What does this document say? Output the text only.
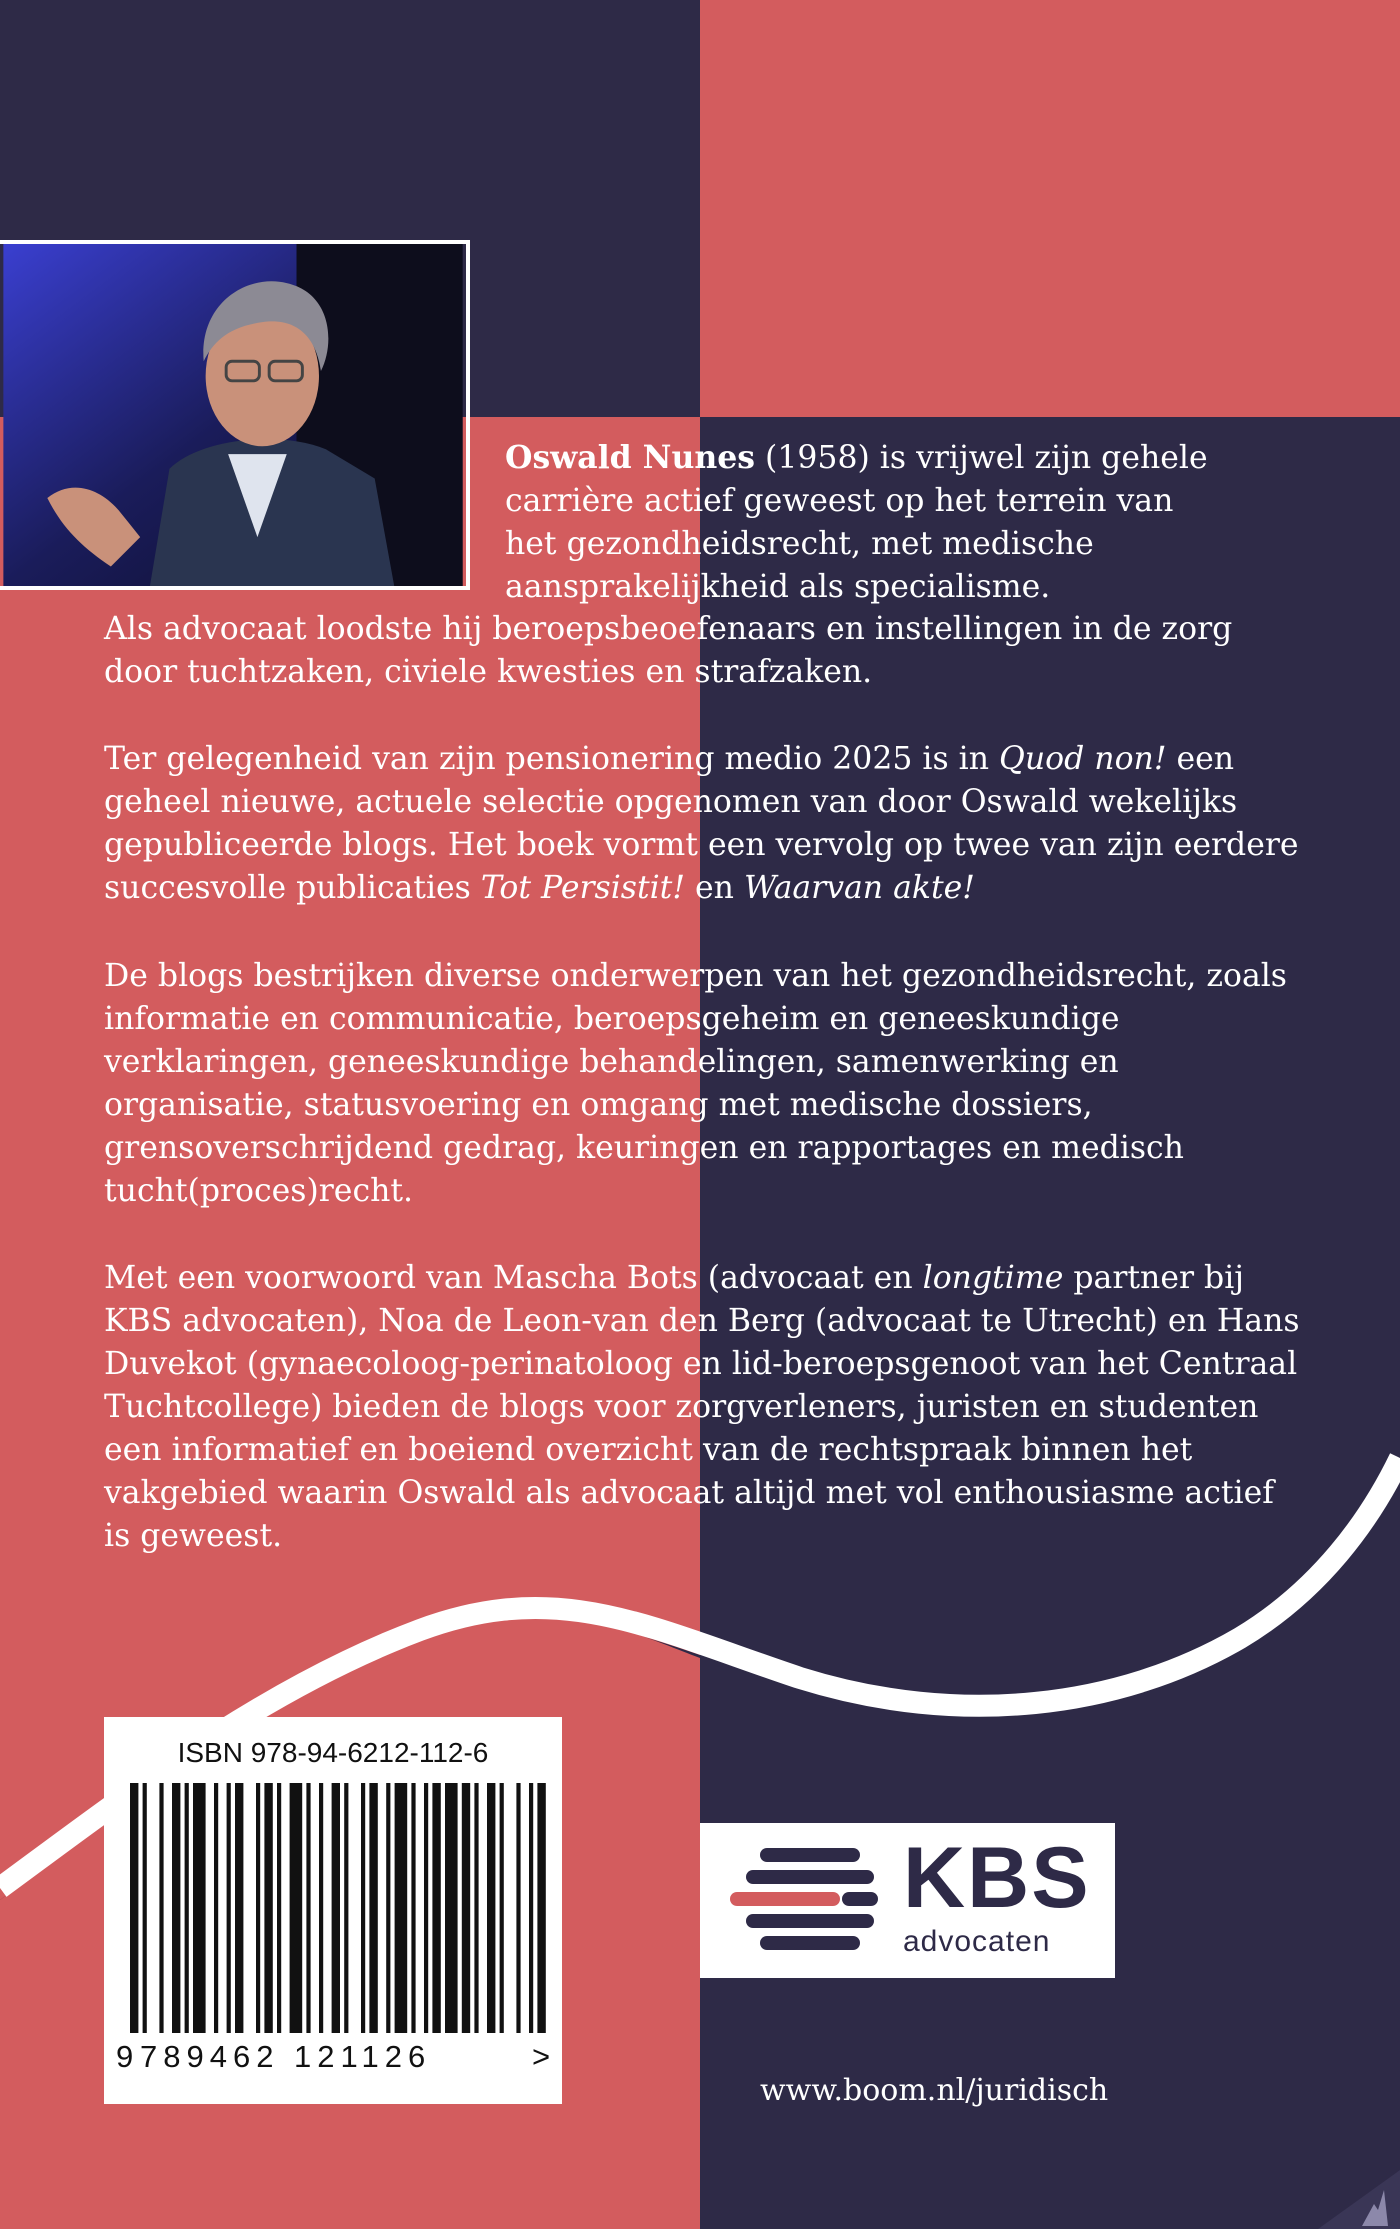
Oswald Nunes (1958) is vrijwel zijn gehele carrière actief geweest op het terrein van het gezondheidsrecht, met medische aansprakelijkheid als specialisme.

Als advocaat loodste hij beroepsbeoefenaars en instellingen in de zorg door tuchtzaken, civiele kwesties en strafzaken.

Ter gelegenheid van zijn pensionering medio 2025 is in Quod non! een geheel nieuwe, actuele selectie opgenomen van door Oswald wekelijks gepubliceerde blogs. Het boek vormt een vervolg op twee van zijn eerdere succesvolle publicaties Tot Persistit! en Waarvan akte!

De blogs bestrijken diverse onderwerpen van het gezondheidsrecht, zoals informatie en communicatie, beroepsgeheim en geneeskundige verklaringen, geneeskundige behandelingen, samenwerking en organisatie, statusvoering en omgang met medische dossiers, grensoverschrijdend gedrag, keuringen en rapportages en medisch tucht(proces)recht.

Met een voorwoord van Mascha Bots (advocaat en longtime partner bij KBS advocaten), Noa de Leon-van den Berg (advocaat te Utrecht) en Hans Duvekot (gynaecoloog-perinatoloog en lid-beroepsgenoot van het Centraal Tuchtcollege) bieden de blogs voor zorgverleners, juristen en studenten een informatief en boeiend overzicht van de rechtspraak binnen het vakgebied waarin Oswald als advocaat altijd met vol enthousiasme actief is geweest.

ISBN 978-94-6212-112-6
9 789462 121126	>
KBS
advocaten
www.boom.nl/juridisch
